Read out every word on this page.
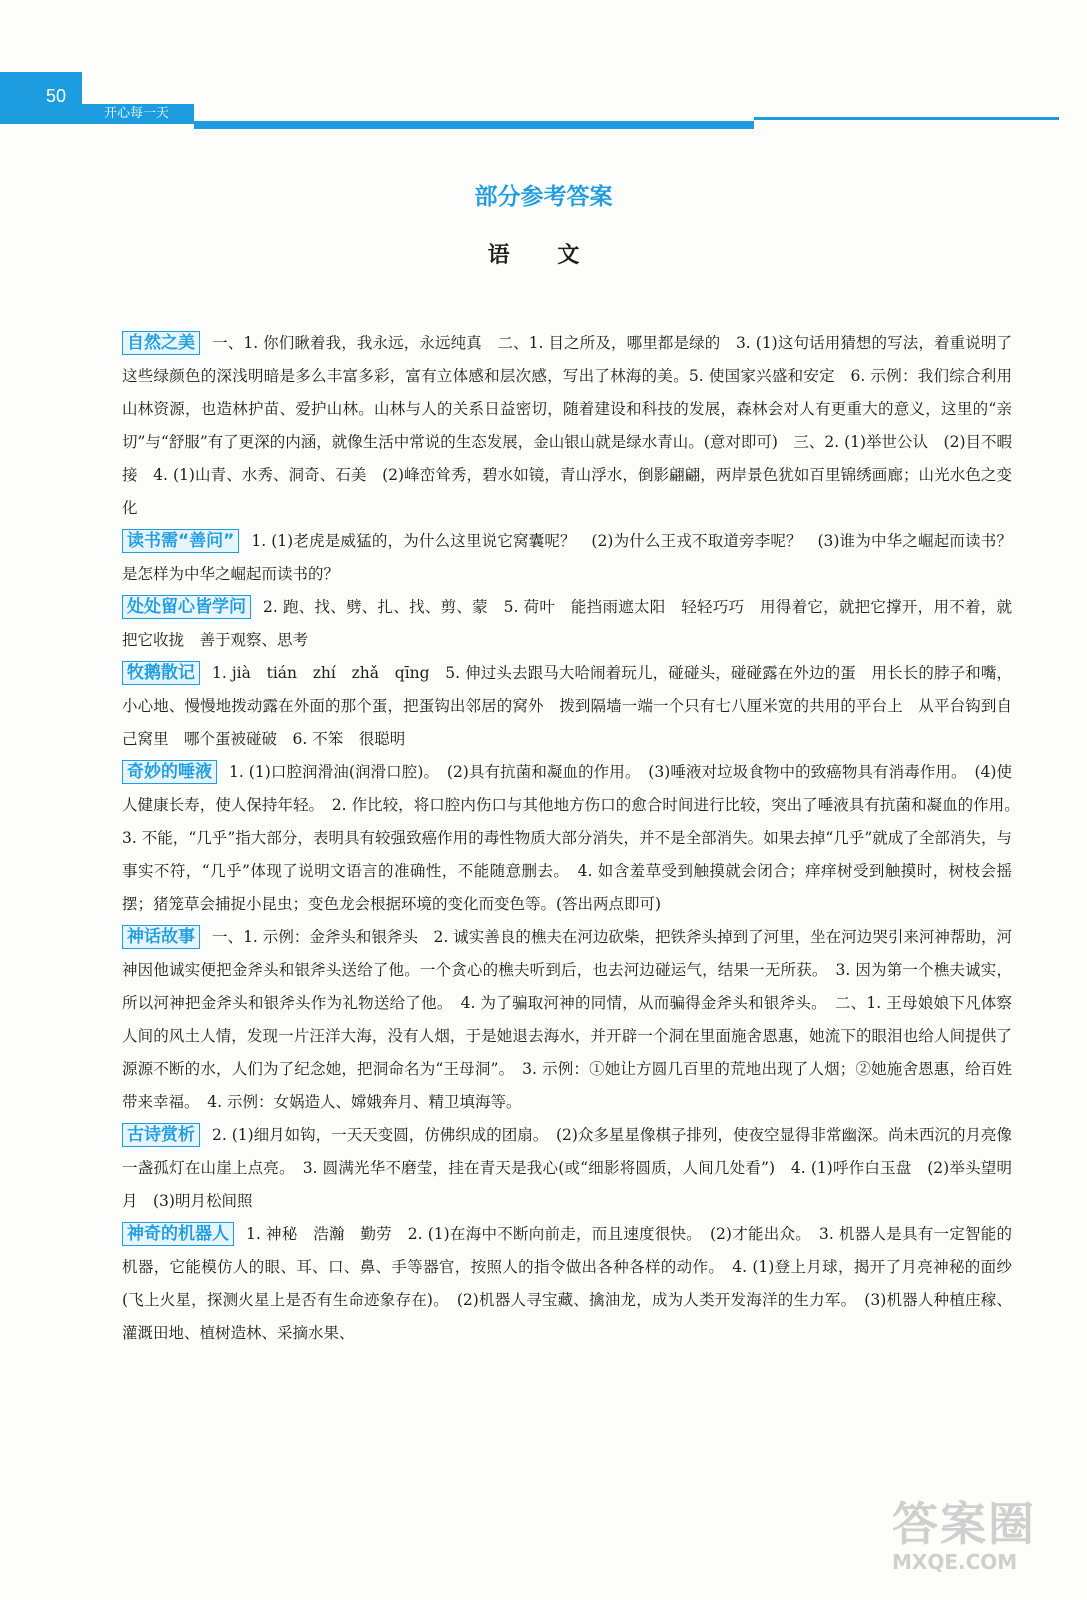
50
开心每一天
部分参考答案
语 文

自然之美 一、1. 你们瞅着我，我永远，永远纯真　二、1. 目之所及，哪里都是绿的　3. (1)这句话用猜想的写法，着重说明了这些绿颜色的深浅明暗是多么丰富多彩，富有立体感和层次感，写出了林海的美。5. 使国家兴盛和安定　6. 示例：我们综合利用山林资源，也造林护苗、爱护山林。山林与人的关系日益密切，随着建设和科技的发展，森林会对人有更重大的意义，这里的“亲切”与“舒服”有了更深的内涵，就像生活中常说的生态发展，金山银山就是绿水青山。(意对即可)　三、2. (1)举世公认　(2)目不暇接　4. (1)山青、水秀、洞奇、石美　(2)峰峦耸秀，碧水如镜，青山浮水，倒影翩翩，两岸景色犹如百里锦绣画廊；山光水色之变化

读书需“善问” 1. (1)老虎是威猛的，为什么这里说它窝囊呢？　(2)为什么王戎不取道旁李呢？　(3)谁为中华之崛起而读书？是怎样为中华之崛起而读书的？

处处留心皆学问 2. 跑、找、劈、扎、找、剪、蒙　5. 荷叶　能挡雨遮太阳　轻轻巧巧　用得着它，就把它撑开，用不着，就把它收拢　善于观察、思考

牧鹅散记 1. jià　tián　zhí　zhǎ　qīng　5. 伸过头去跟马大哈闹着玩儿，碰碰头，碰碰露在外边的蛋　用长长的脖子和嘴，小心地、慢慢地拨动露在外面的那个蛋，把蛋钩出邻居的窝外　拨到隔墙一端一个只有七八厘米宽的共用的平台上　从平台钩到自己窝里　哪个蛋被碰破　6. 不笨　很聪明

奇妙的唾液 1. (1)口腔润滑油(润滑口腔)。　(2)具有抗菌和凝血的作用。　(3)唾液对垃圾食物中的致癌物具有消毒作用。　(4)使人健康长寿，使人保持年轻。　2. 作比较，将口腔内伤口与其他地方伤口的愈合时间进行比较，突出了唾液具有抗菌和凝血的作用。　3. 不能，“几乎”指大部分，表明具有较强致癌作用的毒性物质大部分消失，并不是全部消失。如果去掉“几乎”就成了全部消失，与事实不符，“几乎”体现了说明文语言的准确性，不能随意删去。　4. 如含羞草受到触摸就会闭合；痒痒树受到触摸时，树枝会摇摆；猪笼草会捕捉小昆虫；变色龙会根据环境的变化而变色等。(答出两点即可)

神话故事 一、1. 示例：金斧头和银斧头　2. 诚实善良的樵夫在河边砍柴，把铁斧头掉到了河里，坐在河边哭引来河神帮助，河神因他诚实便把金斧头和银斧头送给了他。一个贪心的樵夫听到后，也去河边碰运气，结果一无所获。　3. 因为第一个樵夫诚实，所以河神把金斧头和银斧头作为礼物送给了他。　4. 为了骗取河神的同情，从而骗得金斧头和银斧头。　二、1. 王母娘娘下凡体察人间的风土人情，发现一片汪洋大海，没有人烟，于是她退去海水，并开辟一个洞在里面施舍恩惠，她流下的眼泪也给人间提供了源源不断的水，人们为了纪念她，把洞命名为“王母洞”。　3. 示例：①她让方圆几百里的荒地出现了人烟；②她施舍恩惠，给百姓带来幸福。　4. 示例：女娲造人、嫦娥奔月、精卫填海等。

古诗赏析 2. (1)细月如钩，一天天变圆，仿佛织成的团扇。　(2)众多星星像棋子排列，使夜空显得非常幽深。尚未西沉的月亮像一盏孤灯在山崖上点亮。　3. 圆满光华不磨莹，挂在青天是我心(或“细影将圆质，人间几处看”)　4. (1)呼作白玉盘　(2)举头望明月　(3)明月松间照

神奇的机器人 1. 神秘　浩瀚　勤劳　2. (1)在海中不断向前走，而且速度很快。　(2)才能出众。　3. 机器人是具有一定智能的机器，它能模仿人的眼、耳、口、鼻、手等器官，按照人的指令做出各种各样的动作。　4. (1)登上月球，揭开了月亮神秘的面纱(飞上火星，探测火星上是否有生命迹象存在)。　(2)机器人寻宝藏、擒油龙，成为人类开发海洋的生力军。　(3)机器人种植庄稼、灌溉田地、植树造林、采摘水果、

答案圈
MXQE.COM
